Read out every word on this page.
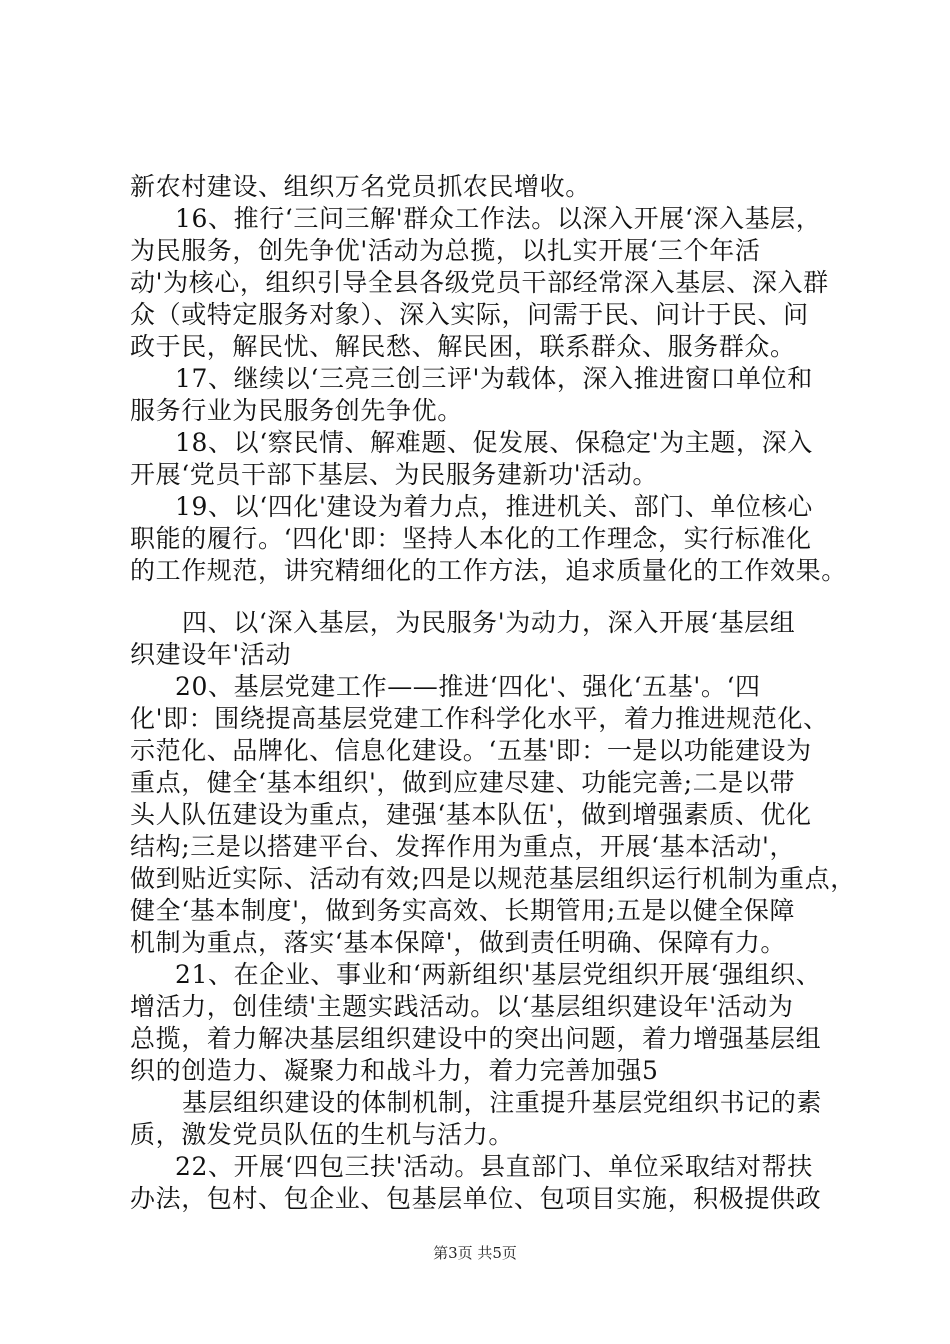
新农村建设、组织万名党员抓农民增收。
16、推行‘三问三解'群众工作法。以深入开展‘深入基层，
为民服务，创先争优'活动为总揽，以扎实开展‘三个年活
动'为核心，组织引导全县各级党员干部经常深入基层、深入群
众（或特定服务对象）、深入实际，问需于民、问计于民、问
政于民，解民忧、解民愁、解民困，联系群众、服务群众。
17、继续以‘三亮三创三评'为载体，深入推进窗口单位和
服务行业为民服务创先争优。
18、以‘察民情、解难题、促发展、保稳定'为主题，深入
开展‘党员干部下基层、为民服务建新功'活动。
19、以‘四化'建设为着力点，推进机关、部门、单位核心
职能的履行。‘四化'即：坚持人本化的工作理念，实行标准化
的工作规范，讲究精细化的工作方法，追求质量化的工作效果。
四、以‘深入基层，为民服务'为动力，深入开展‘基层组
织建设年'活动
20、基层党建工作——推进‘四化'、强化‘五基'。‘四
化'即：围绕提高基层党建工作科学化水平，着力推进规范化、
示范化、品牌化、信息化建设。‘五基'即：一是以功能建设为
重点，健全‘基本组织'，做到应建尽建、功能完善;二是以带
头人队伍建设为重点，建强‘基本队伍'，做到增强素质、优化
结构;三是以搭建平台、发挥作用为重点，开展‘基本活动'，
做到贴近实际、活动有效;四是以规范基层组织运行机制为重点，
健全‘基本制度'，做到务实高效、长期管用;五是以健全保障
机制为重点，落实‘基本保障'，做到责任明确、保障有力。
21、在企业、事业和‘两新组织'基层党组织开展‘强组织、
增活力，创佳绩'主题实践活动。以‘基层组织建设年'活动为
总揽，着力解决基层组织建设中的突出问题，着力增强基层组
织的创造力、凝聚力和战斗力，着力完善加强5
基层组织建设的体制机制，注重提升基层党组织书记的素
质，激发党员队伍的生机与活力。
22、开展‘四包三扶'活动。县直部门、单位采取结对帮扶
办法，包村、包企业、包基层单位、包项目实施，积极提供政
第3页 共5页
